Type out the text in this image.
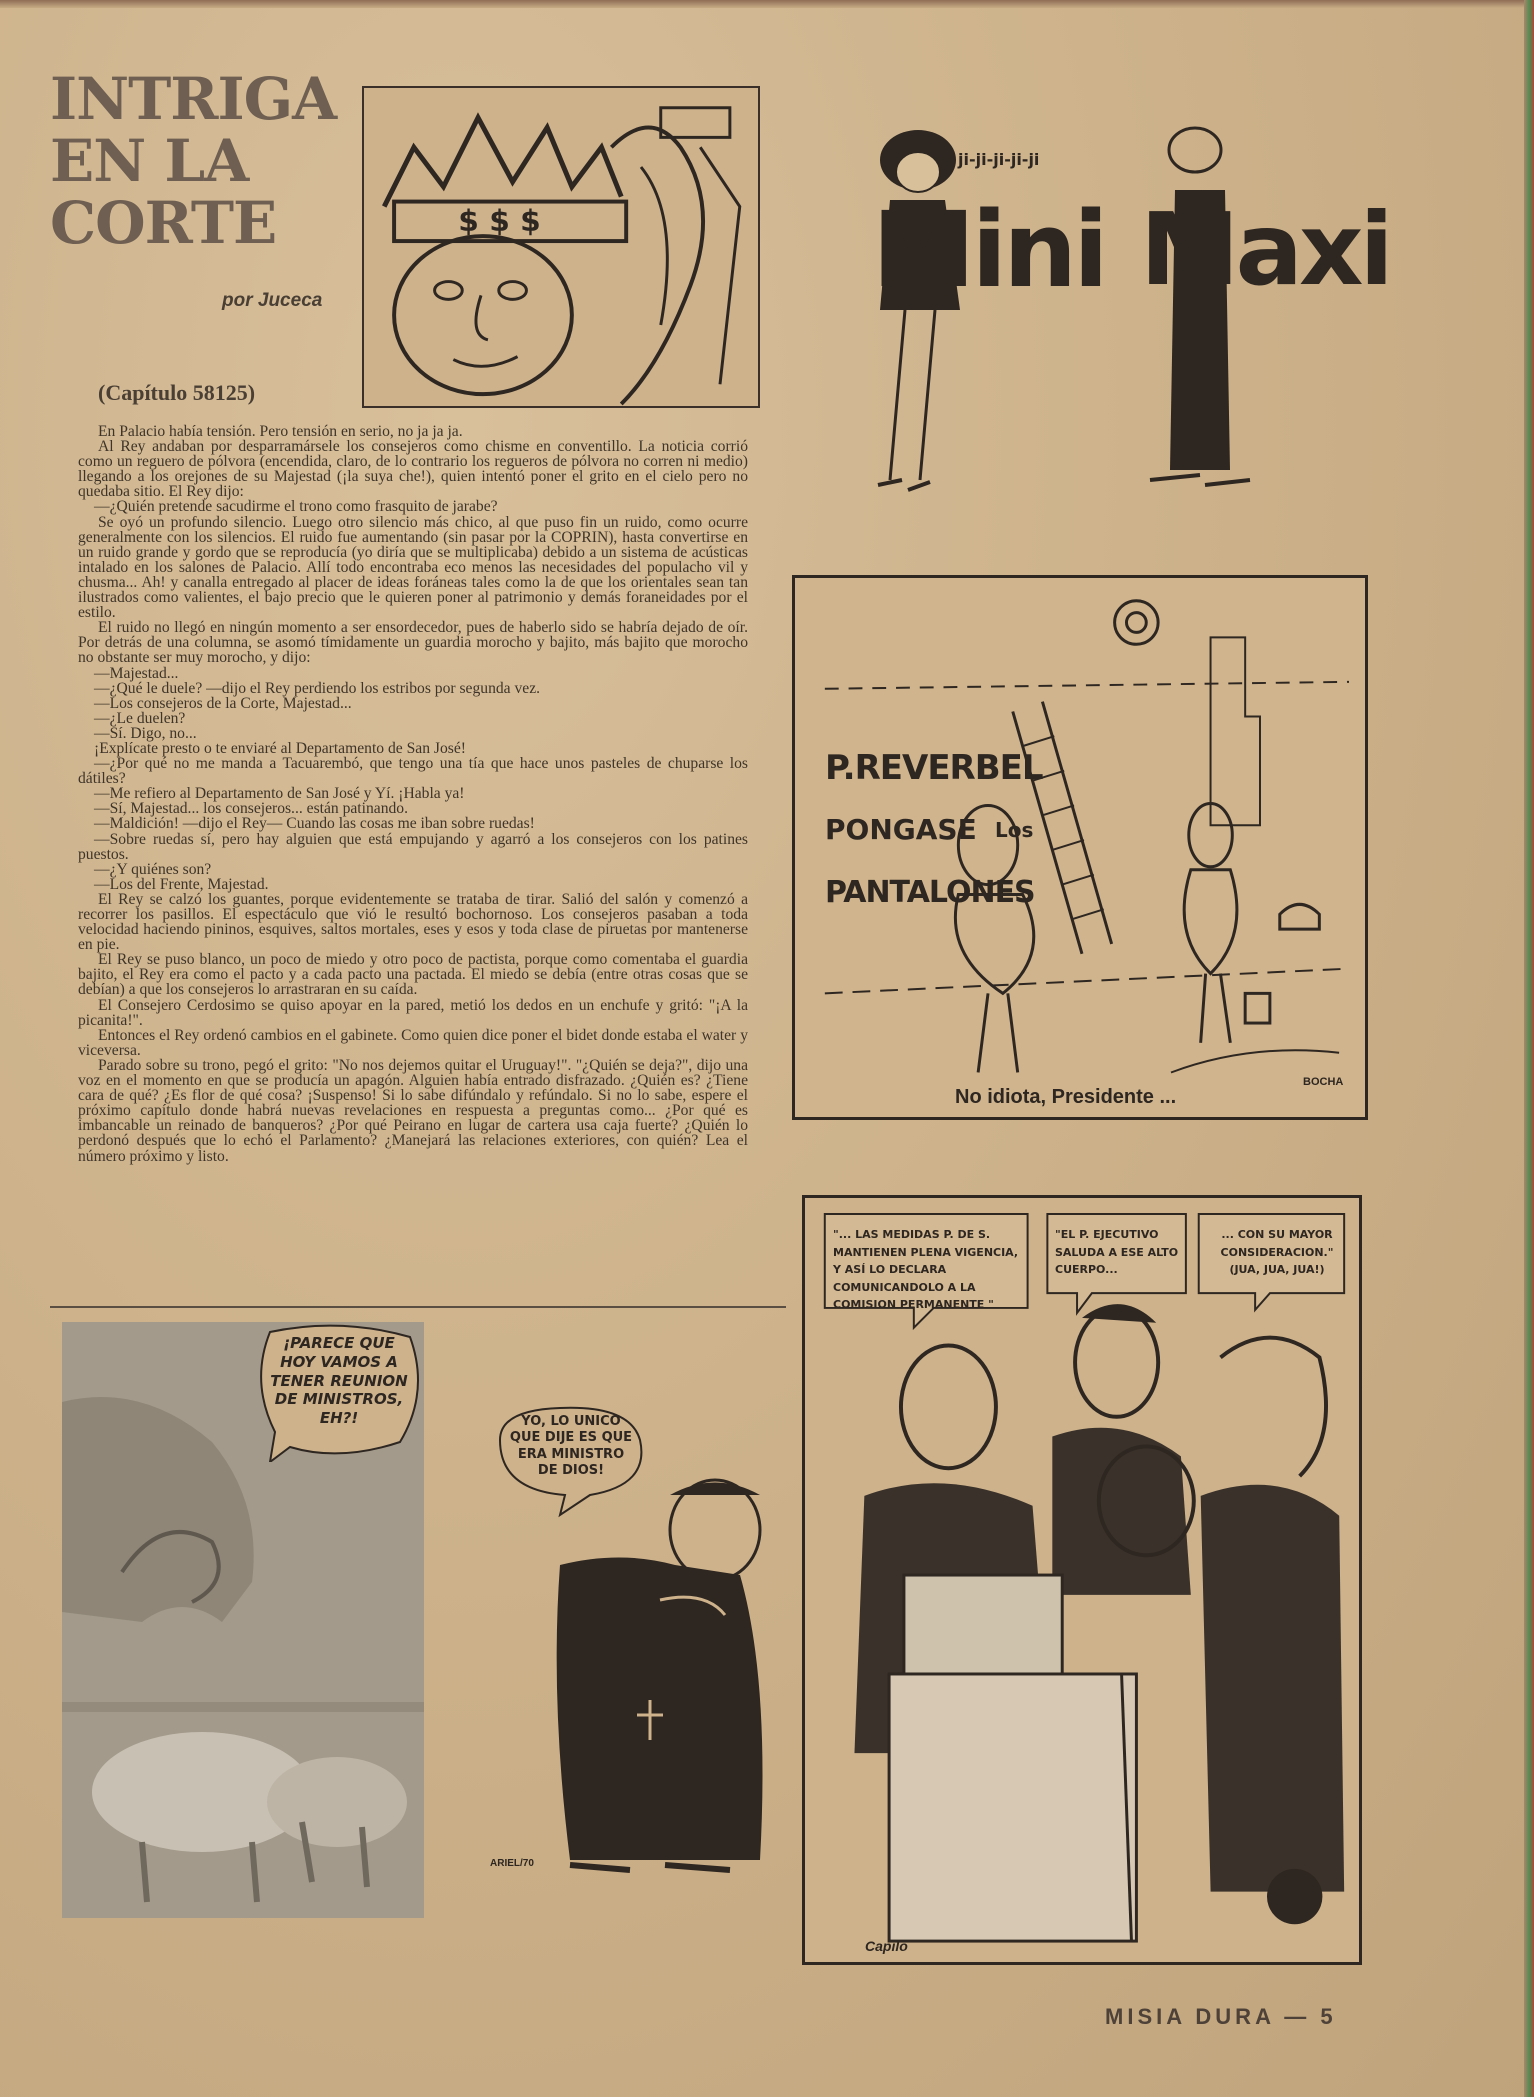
INTRIGA
EN LA
CORTE
por Juceca
(Capítulo 58125)
$ $ $

En Palacio había tensión. Pero tensión en serio, no ja ja ja.

Al Rey andaban por desparramársele los consejeros como chisme en conventillo. La noticia corrió como un reguero de pólvora (encendida, claro, de lo contrario los regueros de pólvora no corren ni medio) llegando a los orejones de su Majestad (¡la suya che!), quien intentó poner el grito en el cielo pero no quedaba sitio. El Rey dijo:

—¿Quién pretende sacudirme el trono como frasquito de jarabe?

Se oyó un profundo silencio. Luego otro silencio más chico, al que puso fin un ruido, como ocurre generalmente con los silencios. El ruido fue aumentando (sin pasar por la COPRIN), hasta convertirse en un ruido grande y gordo que se reproducía (yo diría que se multiplicaba) debido a un sistema de acústicas intalado en los salones de Palacio. Allí todo encontraba eco menos las necesidades del populacho vil y chusma... Ah! y canalla entregado al placer de ideas foráneas tales como la de que los orientales sean tan ilustrados como valientes, el bajo precio que le quieren poner al patrimonio y demás foraneidades por el estilo.

El ruido no llegó en ningún momento a ser ensordecedor, pues de haberlo sido se habría dejado de oír. Por detrás de una columna, se asomó tímidamente un guardia morocho y bajito, más bajito que morocho no obstante ser muy morocho, y dijo:

—Majestad...

—¿Qué le duele? —dijo el Rey perdiendo los estribos por segunda vez.

—Los consejeros de la Corte, Majestad...

—¿Le duelen?

—Sí. Digo, no...

¡Explícate presto o te enviaré al Departamento de San José!

—¿Por qué no me manda a Tacuarembó, que tengo una tía que hace unos pasteles de chuparse los dátiles?

—Me refiero al Departamento de San José y Yí. ¡Habla ya!

—Sí, Majestad... los consejeros... están patinando.

—Maldición! —dijo el Rey— Cuando las cosas me iban sobre ruedas!

—Sobre ruedas sí, pero hay alguien que está empujando y agarró a los consejeros con los patines puestos.

—¿Y quiénes son?

—Los del Frente, Majestad.

El Rey se calzó los guantes, porque evidentemente se trataba de tirar. Salió del salón y comenzó a recorrer los pasillos. El espectáculo que vió le resultó bochornoso. Los consejeros pasaban a toda velocidad haciendo pininos, esquives, saltos mortales, eses y esos y toda clase de piruetas por mantenerse en pie.

El Rey se puso blanco, un poco de miedo y otro poco de pactista, porque como comentaba el guardia bajito, el Rey era como el pacto y a cada pacto una pactada. El miedo se debía (entre otras cosas que se debían) a que los consejeros lo arrastraran en su caída.

El Consejero Cerdosimo se quiso apoyar en la pared, metió los dedos en un enchufe y gritó: "¡A la picanita!".

Entonces el Rey ordenó cambios en el gabinete. Como quien dice poner el bidet donde estaba el water y viceversa.

Parado sobre su trono, pegó el grito: "No nos dejemos quitar el Uruguay!". "¿Quién se deja?", dijo una voz en el momento en que se producía un apagón. Alguien había entrado disfrazado. ¿Quién es? ¿Tiene cara de qué? ¿Es flor de qué cosa? ¡Suspenso! Si lo sabe difúndalo y refúndalo. Si no lo sabe, espere el próximo capítulo donde habrá nuevas revelaciones en respuesta a preguntas como... ¿Por qué es imbancable un reinado de banqueros? ¿Por qué Peirano en lugar de cartera usa caja fuerte? ¿Quién lo perdonó después que lo echó el Parlamento? ¿Manejará las relaciones exteriores, con quién? Lea el número próximo y listo.

Mini Maxi
ji-ji-ji-ji-ji
P.REVERBEL
PONGASE Los
PANTALONES
No idiota, Presidente ...
BOCHA
¡PARECE QUE HOY VAMOS A TENER REUNION DE MINISTROS, EH?!	YO, LO UNICO QUE DIJE ES QUE ERA MINISTRO DE DIOS!
ARIEL/70
"... LAS MEDIDAS P. DE S. MANTIENEN PLENA VIGENCIA, Y ASÍ LO DECLARA COMUNICANDOLO A LA COMISION PERMANENTE "
"EL P. EJECUTIVO SALUDA A ESE ALTO CUERPO...
... CON SU MAYOR CONSIDERACION." (JUA, JUA, JUA!)
Capilo
MISIA DURA — 5
